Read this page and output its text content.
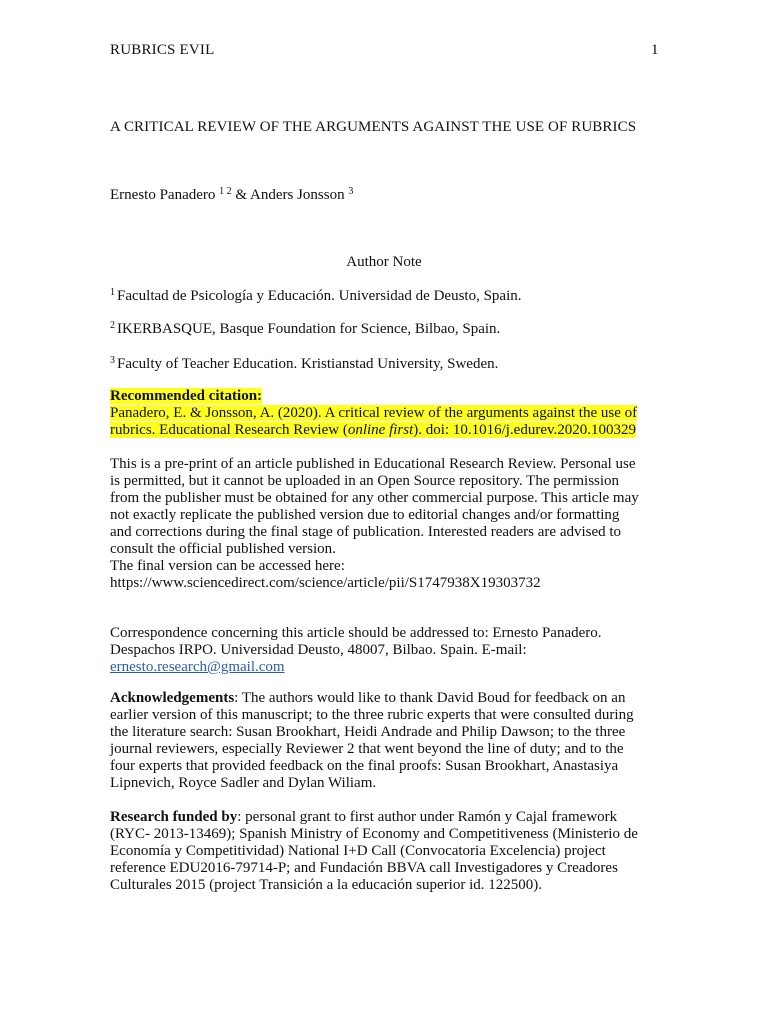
RUBRICS EVIL	1
A CRITICAL REVIEW OF THE ARGUMENTS AGAINST THE USE OF RUBRICS
Ernesto Panadero $^{1 2}$ & Anders Jonsson $^3$
Author Note
$^1$ Facultad de Psicología y Educación. Universidad de Deusto, Spain.
$^2$ IKERBASQUE, Basque Foundation for Science, Bilbao, Spain.
$^3$ Faculty of Teacher Education. Kristianstad University, Sweden.
Recommended citation:
Panadero, E. & Jonsson, A. (2020). A critical review of the arguments against the use of
rubrics. Educational Research Review (online first). doi: 10.1016/j.edurev.2020.100329
This is a pre-print of an article published in Educational Research Review. Personal use
is permitted, but it cannot be uploaded in an Open Source repository. The permission
from the publisher must be obtained for any other commercial purpose. This article may
not exactly replicate the published version due to editorial changes and/or formatting
and corrections during the final stage of publication. Interested readers are advised to
consult the official published version.
The final version can be accessed here:
https://www.sciencedirect.com/science/article/pii/S1747938X19303732
Correspondence concerning this article should be addressed to: Ernesto Panadero.
Despachos IRPO. Universidad Deusto, 48007, Bilbao. Spain. E-mail:
ernesto.research@gmail.com
Acknowledgements: The authors would like to thank David Boud for feedback on an
earlier version of this manuscript; to the three rubric experts that were consulted during
the literature search: Susan Brookhart, Heidi Andrade and Philip Dawson; to the three
journal reviewers, especially Reviewer 2 that went beyond the line of duty; and to the
four experts that provided feedback on the final proofs: Susan Brookhart, Anastasiya
Lipnevich, Royce Sadler and Dylan Wiliam.
Research funded by: personal grant to first author under Ramón y Cajal framework
(RYC- 2013-13469); Spanish Ministry of Economy and Competitiveness (Ministerio de
Economía y Competitividad) National I+D Call (Convocatoria Excelencia) project
reference EDU2016-79714-P; and Fundación BBVA call Investigadores y Creadores
Culturales 2015 (project Transición a la educación superior id. 122500).
